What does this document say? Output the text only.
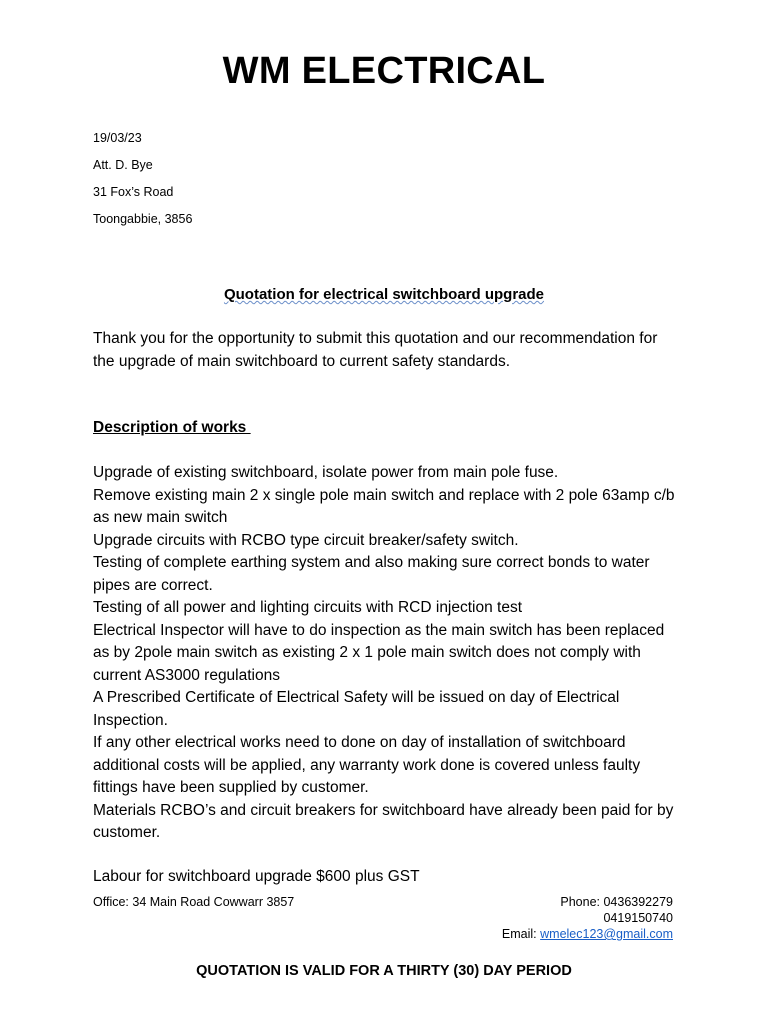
WM ELECTRICAL
19/03/23
Att. D. Bye
31 Fox’s Road
Toongabbie, 3856
Quotation for electrical switchboard upgrade
Thank you for the opportunity to submit this quotation and our recommendation for the upgrade of main switchboard to current safety standards.
Description of works

Upgrade of existing switchboard, isolate power from main pole fuse.

Remove existing main 2 x single pole main switch and replace with 2 pole 63amp c/b as new main switch

Upgrade circuits with RCBO type circuit breaker/safety switch.

Testing of complete earthing system and also making sure correct bonds to water pipes are correct.

Testing of all power and lighting circuits with RCD injection test

Electrical Inspector will have to do inspection as the main switch has been replaced as by 2pole main switch as existing 2 x 1 pole main switch does not comply with current AS3000 regulations

A Prescribed Certificate of Electrical Safety will be issued on day of Electrical Inspection.

If any other electrical works need to done on day of installation of switchboard additional costs will be applied, any warranty work done is covered unless faulty fittings have been supplied by customer.

Materials RCBO’s and circuit breakers for switchboard have already been paid for by customer.

Labour for switchboard upgrade $600 plus GST
Office: 34 Main Road Cowwarr 3857	Phone: 0436392279
0419150740
Email: wmelec123@gmail.com
QUOTATION IS VALID FOR A THIRTY (30) DAY PERIOD
